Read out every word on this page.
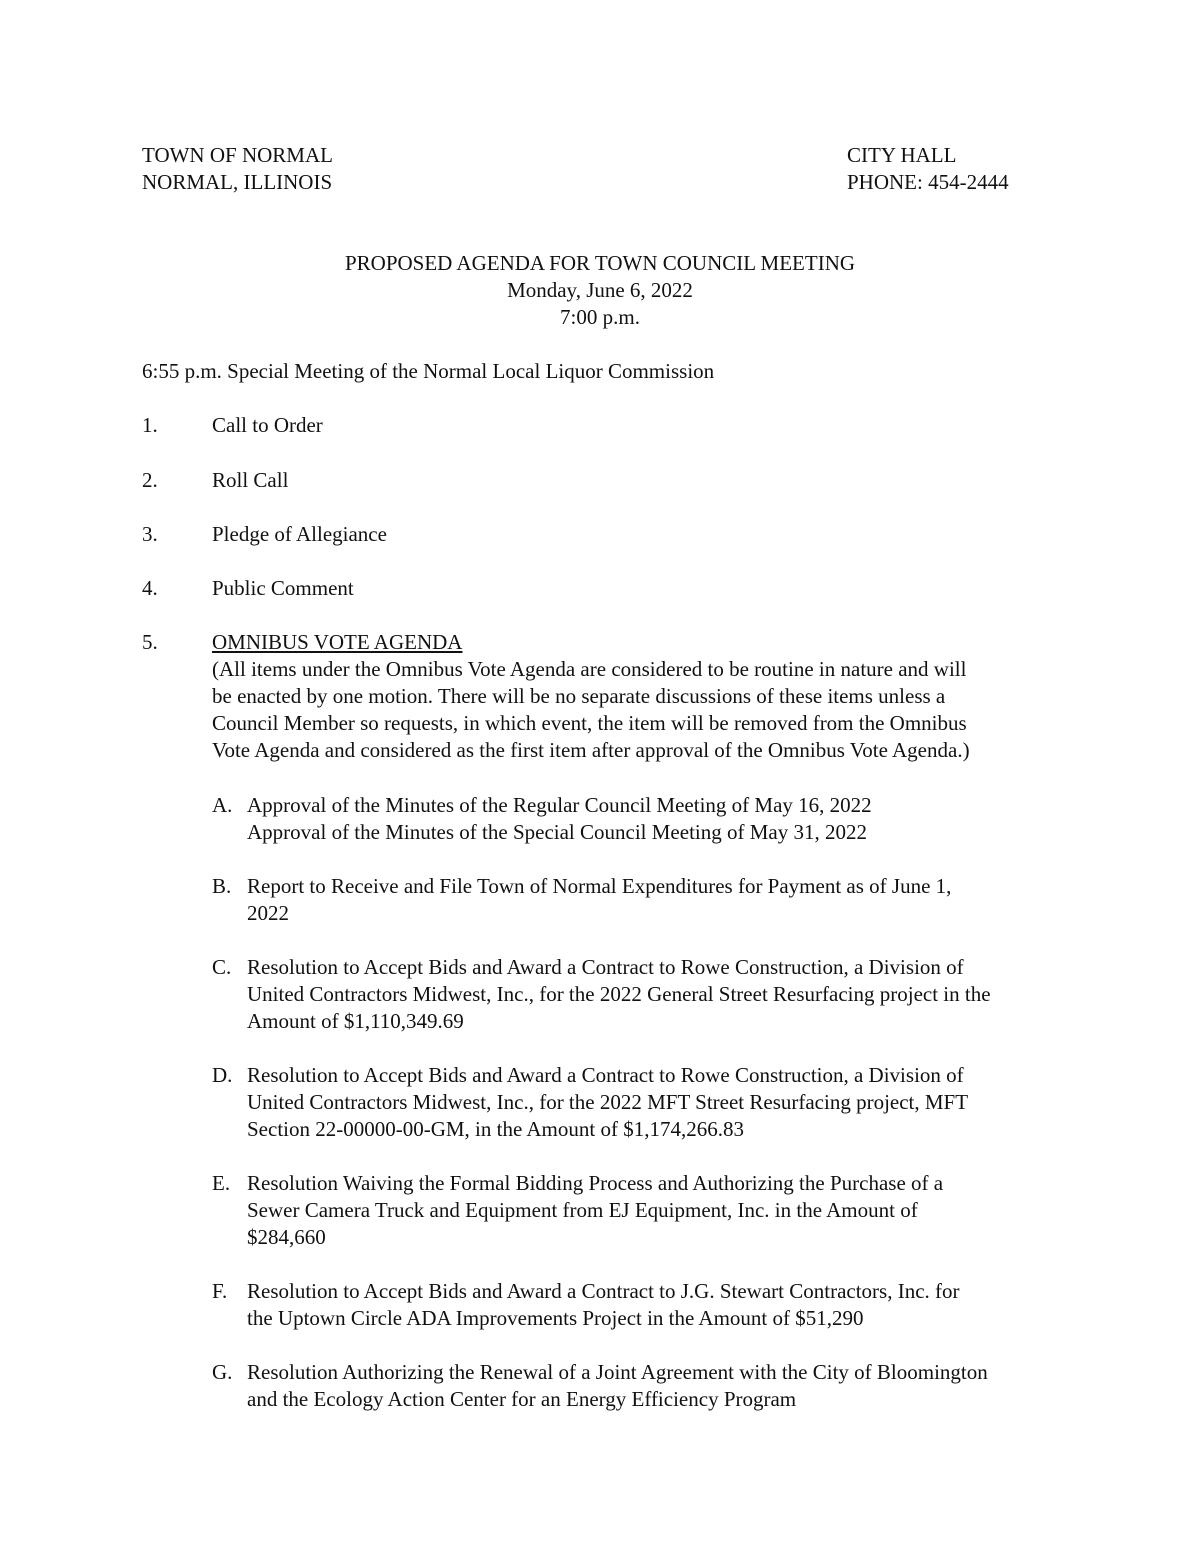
TOWN OF NORMAL
NORMAL, ILLINOIS
CITY HALL
PHONE: 454-2444
PROPOSED AGENDA FOR TOWN COUNCIL MEETING
Monday, June 6, 2022
7:00 p.m.
6:55 p.m. Special Meeting of the Normal Local Liquor Commission
1.	Call to Order
2.	Roll Call
3.	Pledge of Allegiance
4.	Public Comment
5.	OMNIBUS VOTE AGENDA
(All items under the Omnibus Vote Agenda are considered to be routine in nature and will
be enacted by one motion. There will be no separate discussions of these items unless a
Council Member so requests, in which event, the item will be removed from the Omnibus
Vote Agenda and considered as the first item after approval of the Omnibus Vote Agenda.)
A. Approval of the Minutes of the Regular Council Meeting of May 16, 2022
Approval of the Minutes of the Special Council Meeting of May 31, 2022
B. Report to Receive and File Town of Normal Expenditures for Payment as of June 1,
2022
C. Resolution to Accept Bids and Award a Contract to Rowe Construction, a Division of
United Contractors Midwest, Inc., for the 2022 General Street Resurfacing project in the
Amount of $1,110,349.69
D. Resolution to Accept Bids and Award a Contract to Rowe Construction, a Division of
United Contractors Midwest, Inc., for the 2022 MFT Street Resurfacing project, MFT
Section 22-00000-00-GM, in the Amount of $1,174,266.83
E. Resolution Waiving the Formal Bidding Process and Authorizing the Purchase of a
Sewer Camera Truck and Equipment from EJ Equipment, Inc. in the Amount of
$284,660
F. Resolution to Accept Bids and Award a Contract to J.G. Stewart Contractors, Inc. for
the Uptown Circle ADA Improvements Project in the Amount of $51,290
G. Resolution Authorizing the Renewal of a Joint Agreement with the City of Bloomington
and the Ecology Action Center for an Energy Efficiency Program
